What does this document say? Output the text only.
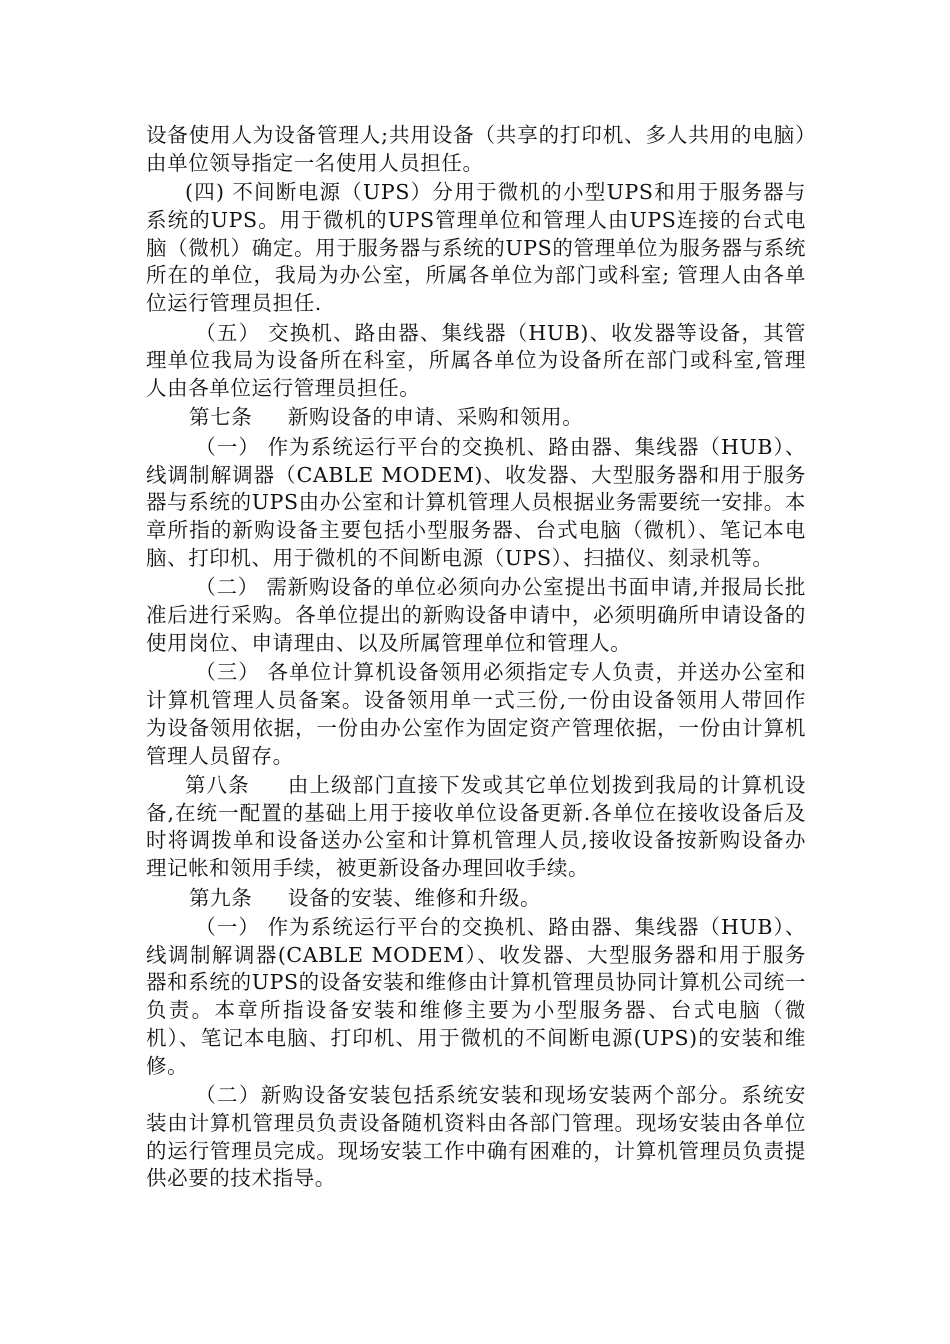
设备使用人为设备管理人;共用设备（共享的打印机、多人共用的电脑）由单位领导指定一名使用人员担任。

(四) 不间断电源（UPS）分用于微机的小型UPS和用于服务器与系统的UPS。用于微机的UPS管理单位和管理人由UPS连接的台式电脑（微机）确定。用于服务器与系统的UPS的管理单位为服务器与系统所在的单位，我局为办公室，所属各单位为部门或科室; 管理人由各单位运行管理员担任.

（五） 交换机、路由器、集线器（HUB)、收发器等设备，其管理单位我局为设备所在科室，所属各单位为设备所在部门或科室,管理人由各单位运行管理员担任。

第七条     新购设备的申请、采购和领用。

（一） 作为系统运行平台的交换机、路由器、集线器（HUB）、线调制解调器（CABLE MODEM)、收发器、大型服务器和用于服务器与系统的UPS由办公室和计算机管理人员根据业务需要统一安排。本章所指的新购设备主要包括小型服务器、台式电脑（微机）、笔记本电脑、打印机、用于微机的不间断电源（UPS）、扫描仪、刻录机等。

（二） 需新购设备的单位必须向办公室提出书面申请,并报局长批准后进行采购。各单位提出的新购设备申请中，必须明确所申请设备的使用岗位、申请理由、以及所属管理单位和管理人。

（三） 各单位计算机设备领用必须指定专人负责，并送办公室和计算机管理人员备案。设备领用单一式三份,一份由设备领用人带回作为设备领用依据，一份由办公室作为固定资产管理依据，一份由计算机管理人员留存。

第八条     由上级部门直接下发或其它单位划拨到我局的计算机设备,在统一配置的基础上用于接收单位设备更新.各单位在接收设备后及时将调拨单和设备送办公室和计算机管理人员,接收设备按新购设备办理记帐和领用手续，被更新设备办理回收手续。

第九条     设备的安装、维修和升级。

（一） 作为系统运行平台的交换机、路由器、集线器（HUB）、  线调制解调器(CABLE MODEM）、收发器、大型服务器和用于服务器和系统的UPS的设备安装和维修由计算机管理员协同计算机公司统一负责。本章所指设备安装和维修主要为小型服务器、台式电脑（微机）、笔记本电脑、打印机、用于微机的不间断电源(UPS)的安装和维修。

（二）新购设备安装包括系统安装和现场安装两个部分。系统安装由计算机管理员负责设备随机资料由各部门管理。现场安装由各单位的运行管理员完成。现场安装工作中确有困难的，计算机管理员负责提供必要的技术指导。
